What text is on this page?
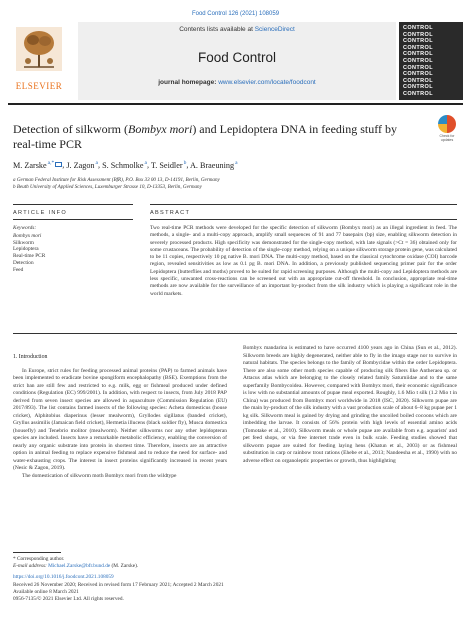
Food Control 126 (2021) 108059
ELSEVIER
Contents lists available at ScienceDirect
Food Control
journal homepage: www.elsevier.com/locate/foodcont
CONTROL
CONTROL
CONTROL
CONTROL
CONTROL
CONTROL
CONTROL
CONTROL
CONTROL
CONTROL
CONTROL
Detection of silkworm (Bombyx mori) and Lepidoptera DNA in feeding stuff by real-time PCR
Check for updates
M. Zarske$^{a,*}$ , J. Zagon$^a$, S. Schmolke$^a$, T. Seidler$^b$, A. Braeuning$^a$
a German Federal Institute for Risk Assessment (BfR), P.O. Box 33 00 13, D-14191, Berlin, Germany
b Beuth University of Applied Sciences, Luxemburger Strasse 10, D-13353, Berlin, Germany
ARTICLE INFO	ABSTRACT
Keywords:
Bombyx mori
Silkworm
Lepidoptera
Real-time PCR
Detection
Feed
Two real-time PCR methods were developed for the specific detection of silkworm (Bombyx mori) as an illegal ingredient in feed. The methods, a single- and a multi-copy approach, amplify small sequences of 91 and 77 basepairs (bp) size, enabling silkworm detection in severely processed products. High specificity was demonstrated for the single-copy method, with late signals (>Ct = 36) obtained only for some crustaceans. The probability of detection of the single-copy method, relying on a unique silkworm storage protein gene, was calculated to be 11 copies, respectively 10 pg native B. mori DNA. The multi-copy method, based on the classical cytochrome oxidase (COI) barcode region, revealed sensitivities as low as 0.1 pg B. mori DNA. In addition, a previously published sequencing primer pair for the order Lepidoptera (butterflies and moths) proved to be suited for rapid screening purposes. Although the multi-copy and Lepidoptera methods are less specific, unwanted cross-reactions can be screened out with an appropriate cut-off threshold. In conclusion, appropriate real-time methods are now available for the surveillance of an important by-product from the silk industry which is playing a significant role in the world markets.
1. Introduction

In Europe, strict rules for feeding processed animal proteins (PAP) to farmed animals have been implemented to eradicate bovine spongiform encephalopathy (BSE). Exemptions from the strict ban are still few and restricted to e.g. milk, egg or fishmeal produced under defined conditions (Regulation (EC) 999/2001). In addition, with respect to insects, from July 2018 PAP derived from seven insect species are allowed in aquaculture (Commission Regulation (EU) 2017/893). The list contains farmed insects of the following species: Acheta domesticus (house cricket), Alphitobius diaperinus (lesser mealworm), Gryllodes sigillatus (banded cricket), Gryllus assimilis (Jamaican field cricket), Hermetia illucens (black soldier fly), Musca domestica (housefly) and Tenebrio molitor (mealworm). Neither silkworms nor any other lepidopteran species are included. Insects have a remarkable metabolic efficiency, enabling the conversion of nearly any organic substrate into protein in shortest time. Therefore, insects are an attractive option in animal feeding to replace expensive fishmeal and to reduce the need for surface- and water-exhausting crops. The interest in insect proteins significantly increased in recent years (Nesic & Zagon, 2019).

The domestication of silkworm moth Bombyx mori from the wildtype

Bombyx mandarina is estimated to have occurred 4100 years ago in China (Sun et al., 2012). Silkworm breeds are highly degenerated, neither able to fly in the imago stage nor to survive in natural habitats. The species belongs to the family of Bombycidae within the order Lepidoptera. There are also some other moth species capable of producing silk fibers like Antheraea sp. or Attacus atlas which are belonging to the closely related family Saturniidae and to the same superfamily Bombycoidea. However, compared with Bombyx mori, their economic significance is low with no substantial amounts of pupae meal exported. Roughly, 1.6 Mio t silk (1.2 Mio t in China) was produced from Bombyx mori worldwide in 2018 (ISC, 2020). Silkworm pupae are the main by-product of the silk industry with a vast production scale of about 6–8 kg pupae per 1 kg silk. Silkworm meal is gained by drying and grinding the uncoiled boiled cocoons which are imbedding the larvae. It consists of 56% protein with high levels of essential amino acids (Tomotake et al., 2010). Silkworm meals or whole pupae are available from e.g. aquarists' and pet feed shops, or via free internet trade even in bulk scale. Feeding studies showed that silkworm pupae are suited for feeding laying hens (Khatun et al., 2003) or as fishmeal substitution in carp or rainbow trout rations (Ehebe et al., 2013; Nandeesha et al., 1990) with no adverse effect on organoleptic properties or growth, thus highlighting

* Corresponding author.
E-mail address: Michael.Zarske@bfr.bund.de (M. Zarske).
https://doi.org/10.1016/j.foodcont.2021.108059
Received 26 November 2020; Received in revised form 17 February 2021; Accepted 2 March 2021
Available online 8 March 2021
0956-7135/© 2021 Elsevier Ltd. All rights reserved.
